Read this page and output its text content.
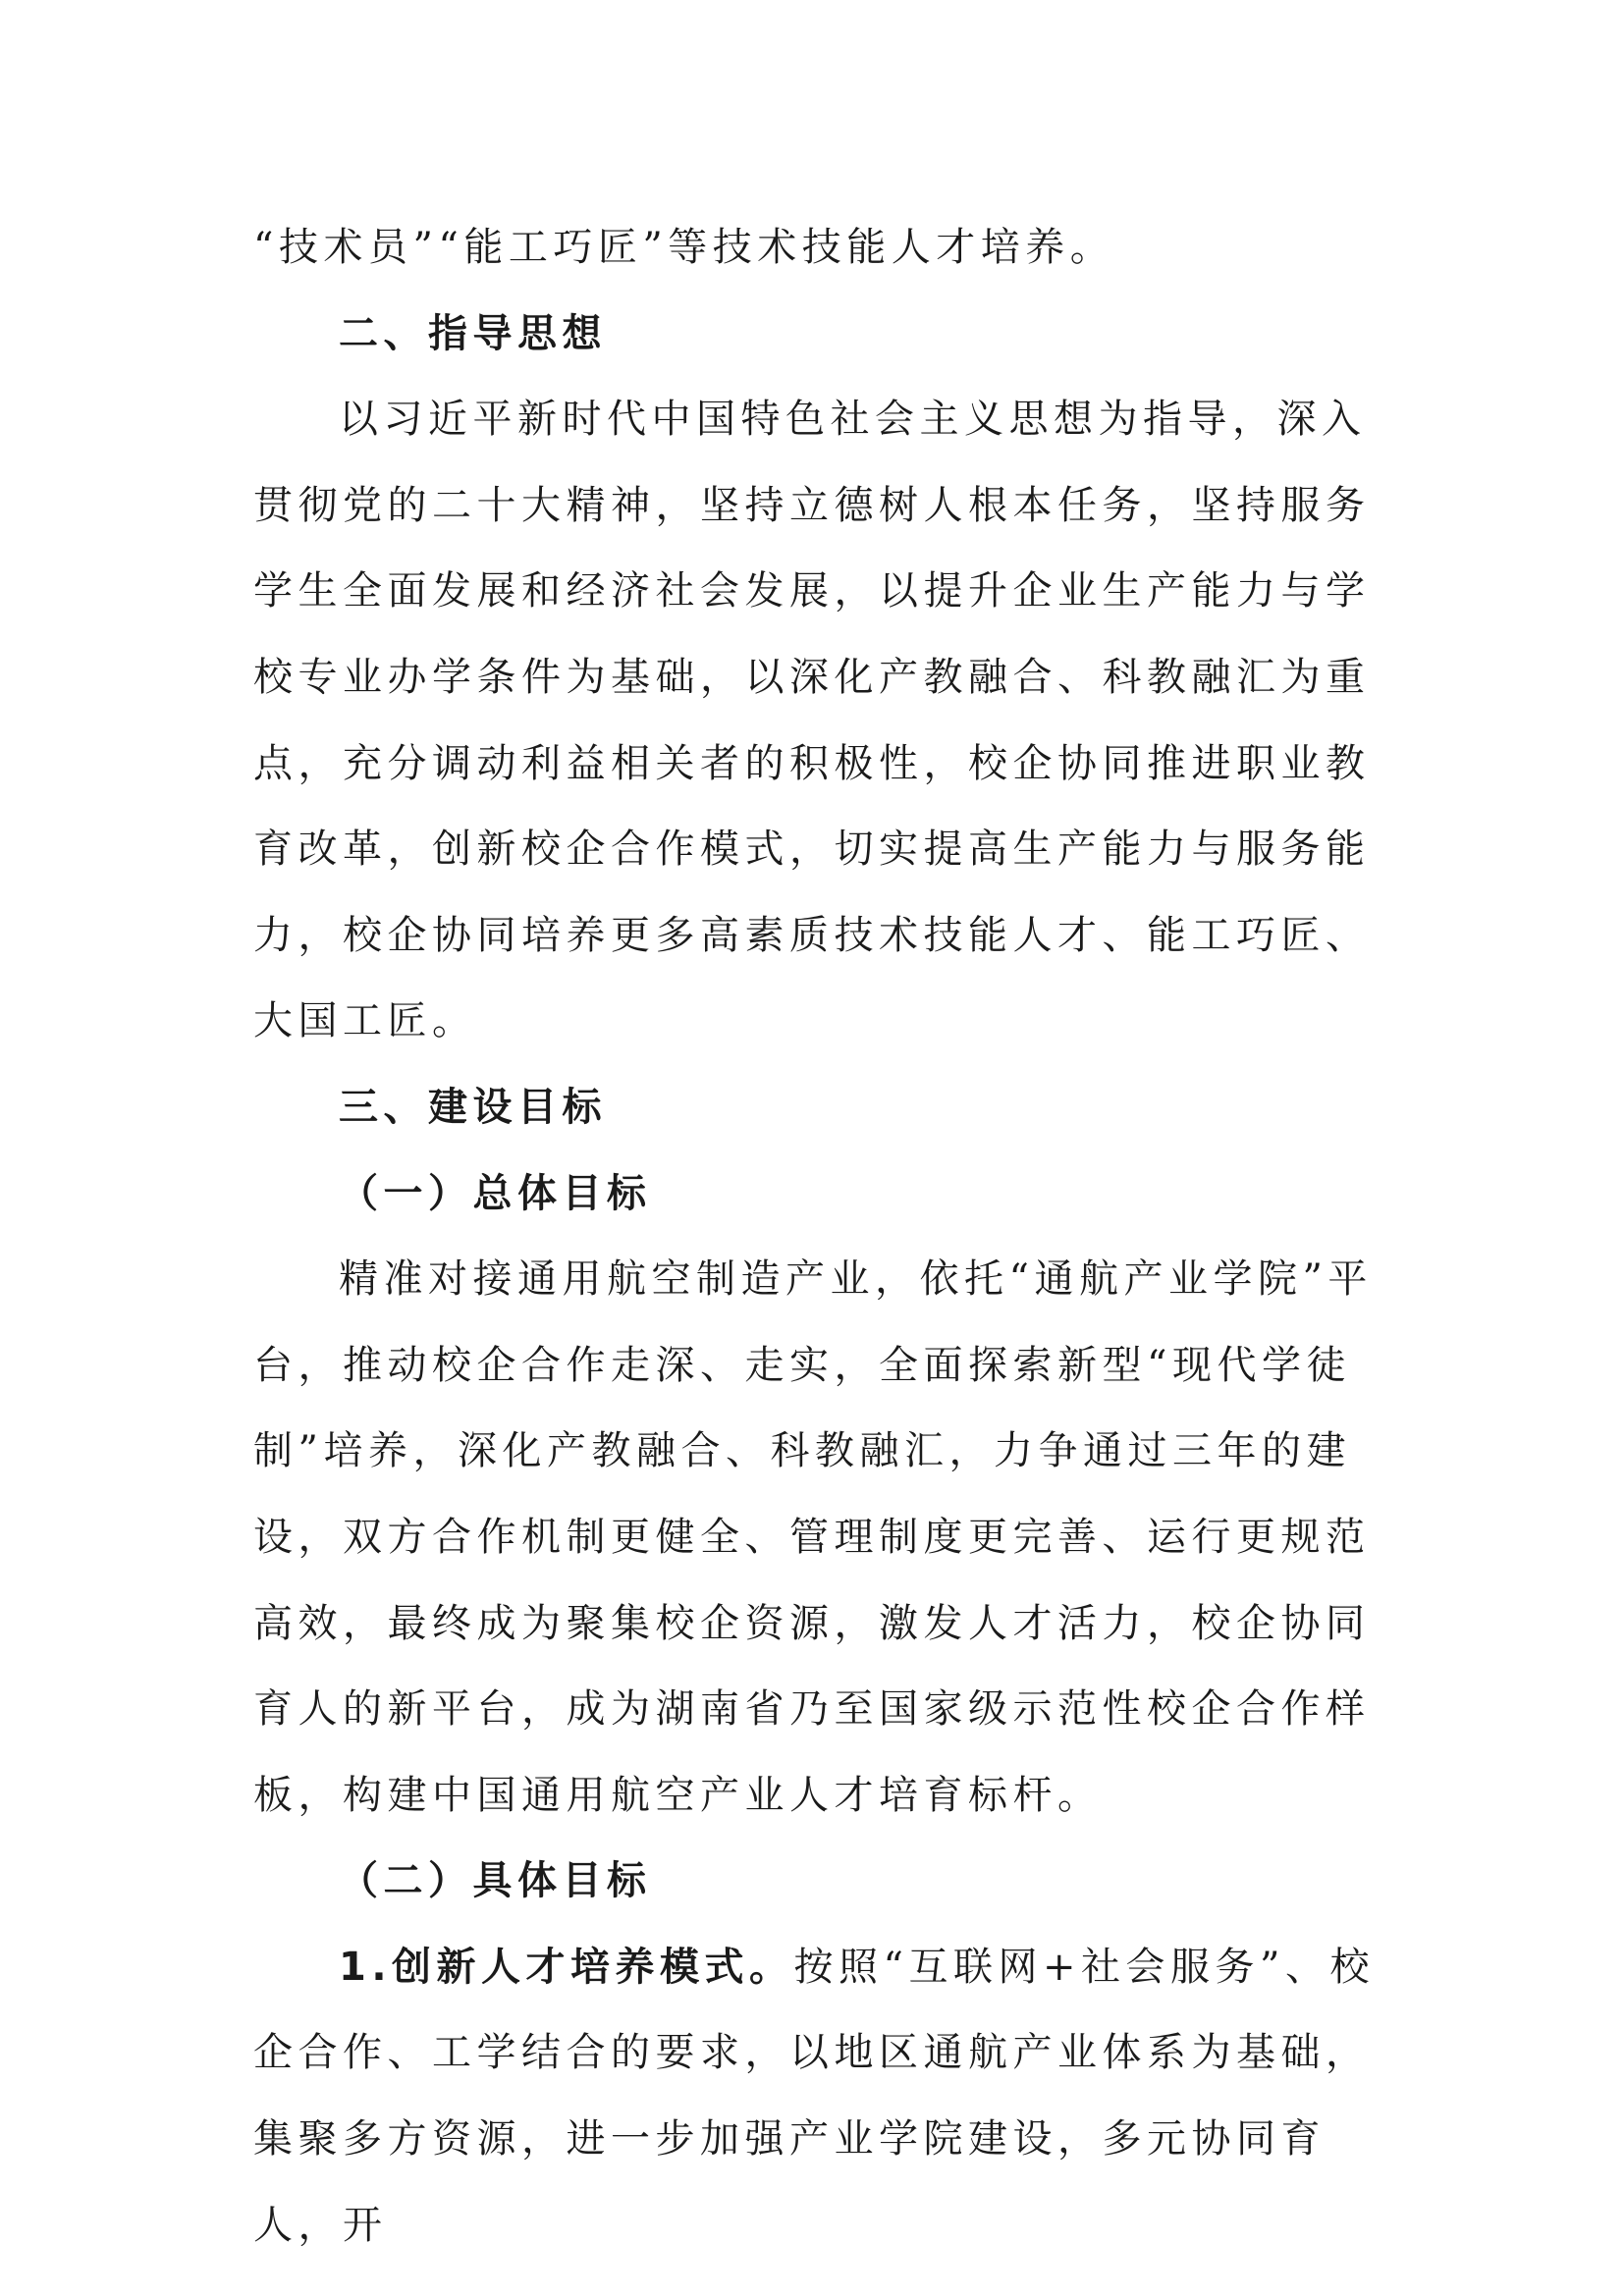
“技术员”“能工巧匠”等技术技能人才培养。

二、指导思想

以习近平新时代中国特色社会主义思想为指导，深入贯彻党的二十大精神，坚持立德树人根本任务，坚持服务学生全面发展和经济社会发展，以提升企业生产能力与学校专业办学条件为基础，以深化产教融合、科教融汇为重点，充分调动利益相关者的积极性，校企协同推进职业教育改革，创新校企合作模式，切实提高生产能力与服务能力，校企协同培养更多高素质技术技能人才、能工巧匠、大国工匠。

三、建设目标

（一）总体目标

精准对接通用航空制造产业，依托“通航产业学院”平台，推动校企合作走深、走实，全面探索新型“现代学徒制”培养，深化产教融合、科教融汇，力争通过三年的建设，双方合作机制更健全、管理制度更完善、运行更规范高效，最终成为聚集校企资源，激发人才活力，校企协同育人的新平台，成为湖南省乃至国家级示范性校企合作样板，构建中国通用航空产业人才培育标杆。

（二）具体目标

1.创新人才培养模式。按照“互联网+社会服务”、校企合作、工学结合的要求，以地区通航产业体系为基础，集聚多方资源，进一步加强产业学院建设，多元协同育人，开
